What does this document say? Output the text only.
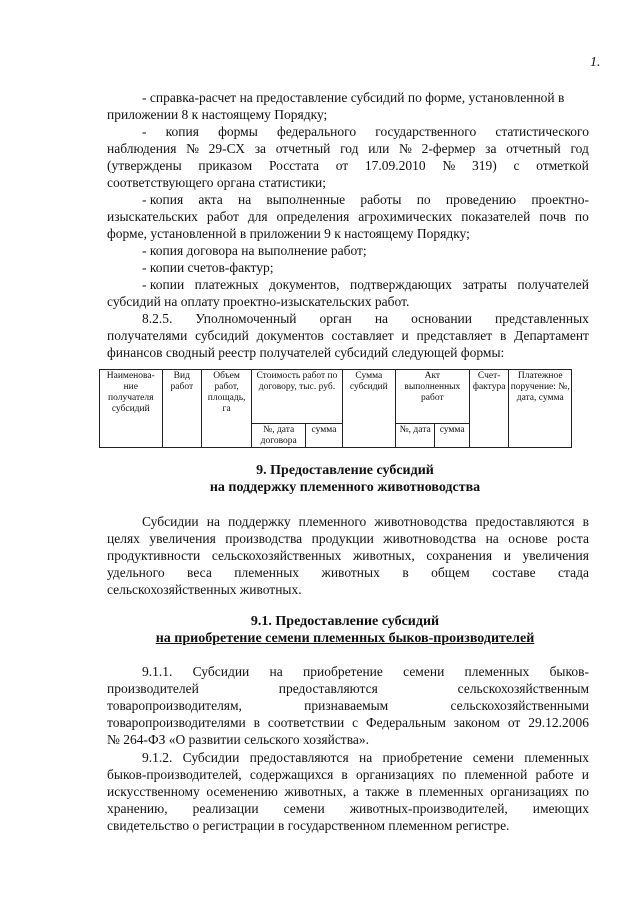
1.
- справка-расчет на предоставление субсидий по форме, установленной в
приложении 8 к настоящему Порядку;
- копия формы федерального государственного статистического
наблюдения № 29-СХ за отчетный год или № 2-фермер за отчетный год
(утверждены приказом Росстата от 17.09.2010 № 319) с отметкой
соответствующего органа статистики;
- копия акта на выполненные работы по проведению проектно-
изыскательских работ для определения агрохимических показателей почв по
форме, установленной в приложении 9 к настоящему Порядку;
- копия договора на выполнение работ;
- копии счетов-фактур;
- копии платежных документов, подтверждающих затраты получателей
субсидий на оплату проектно-изыскательских работ.
8.2.5. Уполномоченный орган на основании представленных
получателями субсидий документов составляет и представляет в Департамент
финансов сводный реестр получателей субсидий следующей формы:
Наименова-ние получателя субсидий	Вид работ	Объем работ, площадь, га	Стоимость работ по договору, тыс. руб.		Сумма субсидий	Акт выполненных работ		Счет-фактура	Платежное поручение: №, дата, сумма
			№, дата договора	сумма		№, дата	сумма		
9. Предоставление субсидий
на поддержку племенного животноводства
Субсидии на поддержку племенного животноводства предоставляются в
целях увеличения производства продукции животноводства на основе роста
продуктивности сельскохозяйственных животных, сохранения и увеличения
удельного веса племенных животных в общем составе стада
сельскохозяйственных животных.
9.1. Предоставление субсидий
на приобретение семени племенных быков-производителей
9.1.1. Субсидии на приобретение семени племенных быков-
производителей	предоставляются	сельскохозяйственным
товаропроизводителям,	признаваемым	сельскохозяйственными
товаропроизводителями в соответствии с Федеральным законом от 29.12.2006
№ 264-ФЗ «О развитии сельского хозяйства».
9.1.2. Субсидии предоставляются на приобретение семени племенных
быков-производителей, содержащихся в организациях по племенной работе и
искусственному осеменению животных, а также в племенных организациях по
хранению, реализации семени животных-производителей, имеющих
свидетельство о регистрации в государственном племенном регистре.
